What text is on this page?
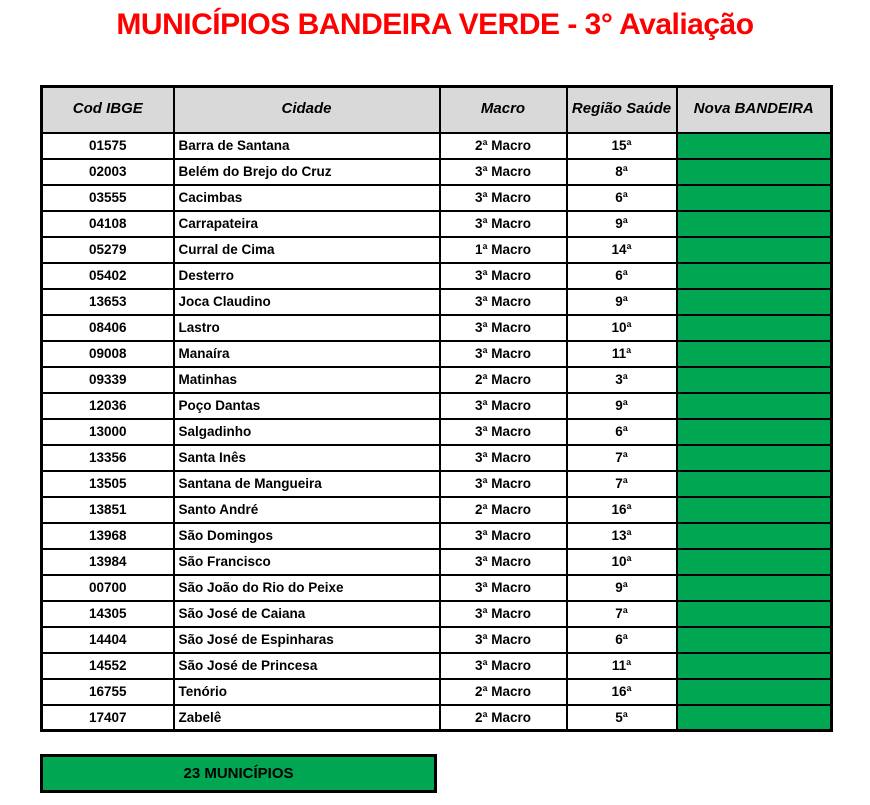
MUNICÍPIOS BANDEIRA VERDE - 3° Avaliação
Cod IBGE	Cidade	Macro	Região Saúde	Nova BANDEIRA
01575	Barra de Santana	2ª Macro	15ª	
02003	Belém do Brejo do Cruz	3ª Macro	8ª	
03555	Cacimbas	3ª Macro	6ª	
04108	Carrapateira	3ª Macro	9ª	
05279	Curral de Cima	1ª Macro	14ª	
05402	Desterro	3ª Macro	6ª	
13653	Joca Claudino	3ª Macro	9ª	
08406	Lastro	3ª Macro	10ª	
09008	Manaíra	3ª Macro	11ª	
09339	Matinhas	2ª Macro	3ª	
12036	Poço Dantas	3ª Macro	9ª	
13000	Salgadinho	3ª Macro	6ª	
13356	Santa Inês	3ª Macro	7ª	
13505	Santana de Mangueira	3ª Macro	7ª	
13851	Santo André	2ª Macro	16ª	
13968	São Domingos	3ª Macro	13ª	
13984	São Francisco	3ª Macro	10ª	
00700	São João do Rio do Peixe	3ª Macro	9ª	
14305	São José de Caiana	3ª Macro	7ª	
14404	São José de Espinharas	3ª Macro	6ª	
14552	São José de Princesa	3ª Macro	11ª	
16755	Tenório	2ª Macro	16ª	
17407	Zabelê	2ª Macro	5ª	
23 MUNICÍPIOS
